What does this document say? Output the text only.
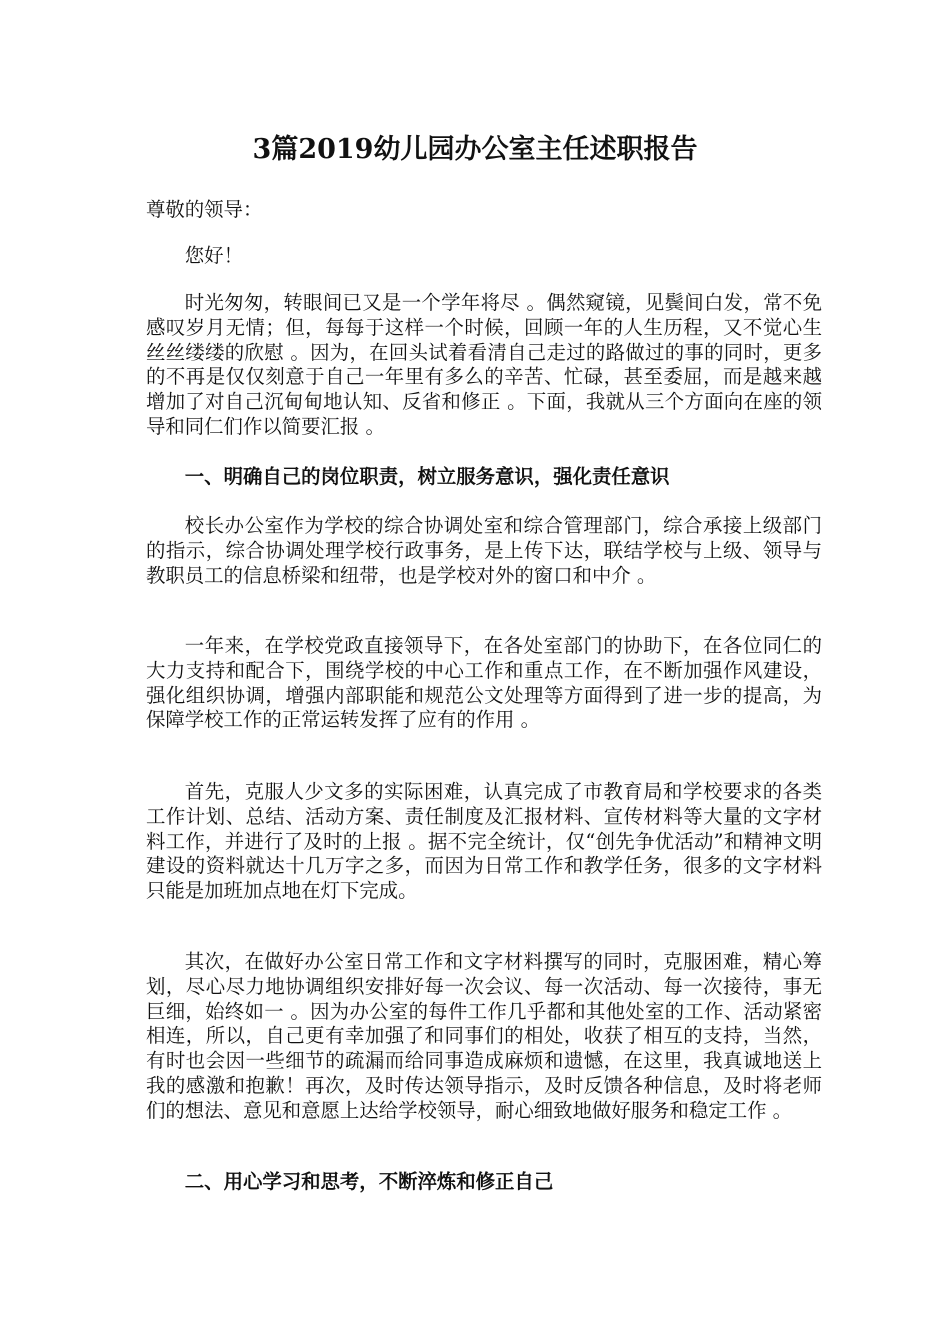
3篇2019幼儿园办公室主任述职报告

尊敬的领导：

您好！

时光匆匆，转眼间已又是一个学年将尽 。偶然窥镜，见鬓间白发，常不免感叹岁月无情；但，每每于这样一个时候，回顾一年的人生历程，又不觉心生丝丝缕缕的欣慰 。因为，在回头试着看清自己走过的路做过的事的同时，更多的不再是仅仅刻意于自己一年里有多么的辛苦、忙碌，甚至委屈，而是越来越增加了对自己沉甸甸地认知、反省和修正 。下面，我就从三个方面向在座的领导和同仁们作以简要汇报 。

一、明确自己的岗位职责，树立服务意识，强化责任意识

校长办公室作为学校的综合协调处室和综合管理部门，综合承接上级部门的指示，综合协调处理学校行政事务，是上传下达，联结学校与上级、领导与教职员工的信息桥梁和纽带，也是学校对外的窗口和中介 。

一年来，在学校党政直接领导下，在各处室部门的协助下，在各位同仁的大力支持和配合下，围绕学校的中心工作和重点工作，在不断加强作风建设，强化组织协调，增强内部职能和规范公文处理等方面得到了进一步的提高，为保障学校工作的正常运转发挥了应有的作用 。

首先，克服人少文多的实际困难，认真完成了市教育局和学校要求的各类工作计划、总结、活动方案、责任制度及汇报材料、宣传材料等大量的文字材料工作，并进行了及时的上报 。据不完全统计，仅“创先争优活动”和精神文明建设的资料就达十几万字之多，而因为日常工作和教学任务，很多的文字材料只能是加班加点地在灯下完成。

其次，在做好办公室日常工作和文字材料撰写的同时，克服困难，精心筹划，尽心尽力地协调组织安排好每一次会议、每一次活动、每一次接待，事无巨细，始终如一 。因为办公室的每件工作几乎都和其他处室的工作、活动紧密相连，所以，自己更有幸加强了和同事们的相处，收获了相互的支持，当然，有时也会因一些细节的疏漏而给同事造成麻烦和遗憾，在这里，我真诚地送上我的感激和抱歉！再次，及时传达领导指示，及时反馈各种信息，及时将老师们的想法、意见和意愿上达给学校领导，耐心细致地做好服务和稳定工作 。

二、用心学习和思考，不断淬炼和修正自己
